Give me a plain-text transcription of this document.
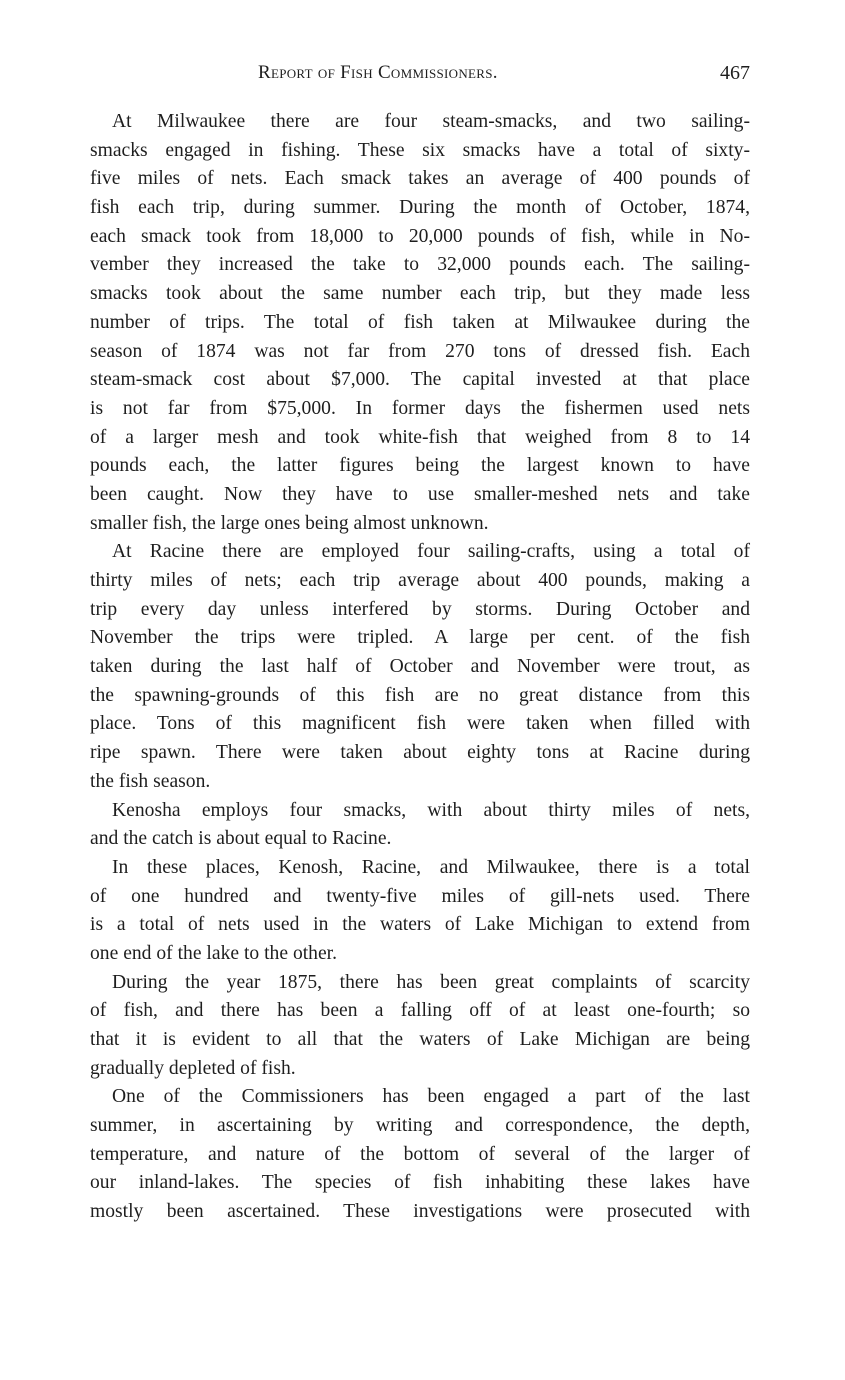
Report of Fish Commissioners.	467
At Milwaukee there are four steam-smacks, and two sailing-
smacks engaged in fishing. These six smacks have a total of sixty-
five miles of nets. Each smack takes an average of 400 pounds of
fish each trip, during summer. During the month of October, 1874,
each smack took from 18,000 to 20,000 pounds of fish, while in No-
vember they increased the take to 32,000 pounds each. The sailing-
smacks took about the same number each trip, but they made less
number of trips. The total of fish taken at Milwaukee during the
season of 1874 was not far from 270 tons of dressed fish. Each
steam-smack cost about $7,000. The capital invested at that place
is not far from $75,000. In former days the fishermen used nets
of a larger mesh and took white-fish that weighed from 8 to 14
pounds each, the latter figures being the largest known to have
been caught. Now they have to use smaller-meshed nets and take
smaller fish, the large ones being almost unknown.
At Racine there are employed four sailing-crafts, using a total of
thirty miles of nets; each trip average about 400 pounds, making a
trip every day unless interfered by storms. During October and
November the trips were tripled. A large per cent. of the fish
taken during the last half of October and November were trout, as
the spawning-grounds of this fish are no great distance from this
place. Tons of this magnificent fish were taken when filled with
ripe spawn. There were taken about eighty tons at Racine during
the fish season.
Kenosha employs four smacks, with about thirty miles of nets,
and the catch is about equal to Racine.
In these places, Kenosh, Racine, and Milwaukee, there is a total
of one hundred and twenty-five miles of gill-nets used. There
is a total of nets used in the waters of Lake Michigan to extend from
one end of the lake to the other.
During the year 1875, there has been great complaints of scarcity
of fish, and there has been a falling off of at least one-fourth; so
that it is evident to all that the waters of Lake Michigan are being
gradually depleted of fish.
One of the Commissioners has been engaged a part of the last
summer, in ascertaining by writing and correspondence, the depth,
temperature, and nature of the bottom of several of the larger of
our inland-lakes. The species of fish inhabiting these lakes have
mostly been ascertained. These investigations were prosecuted with
